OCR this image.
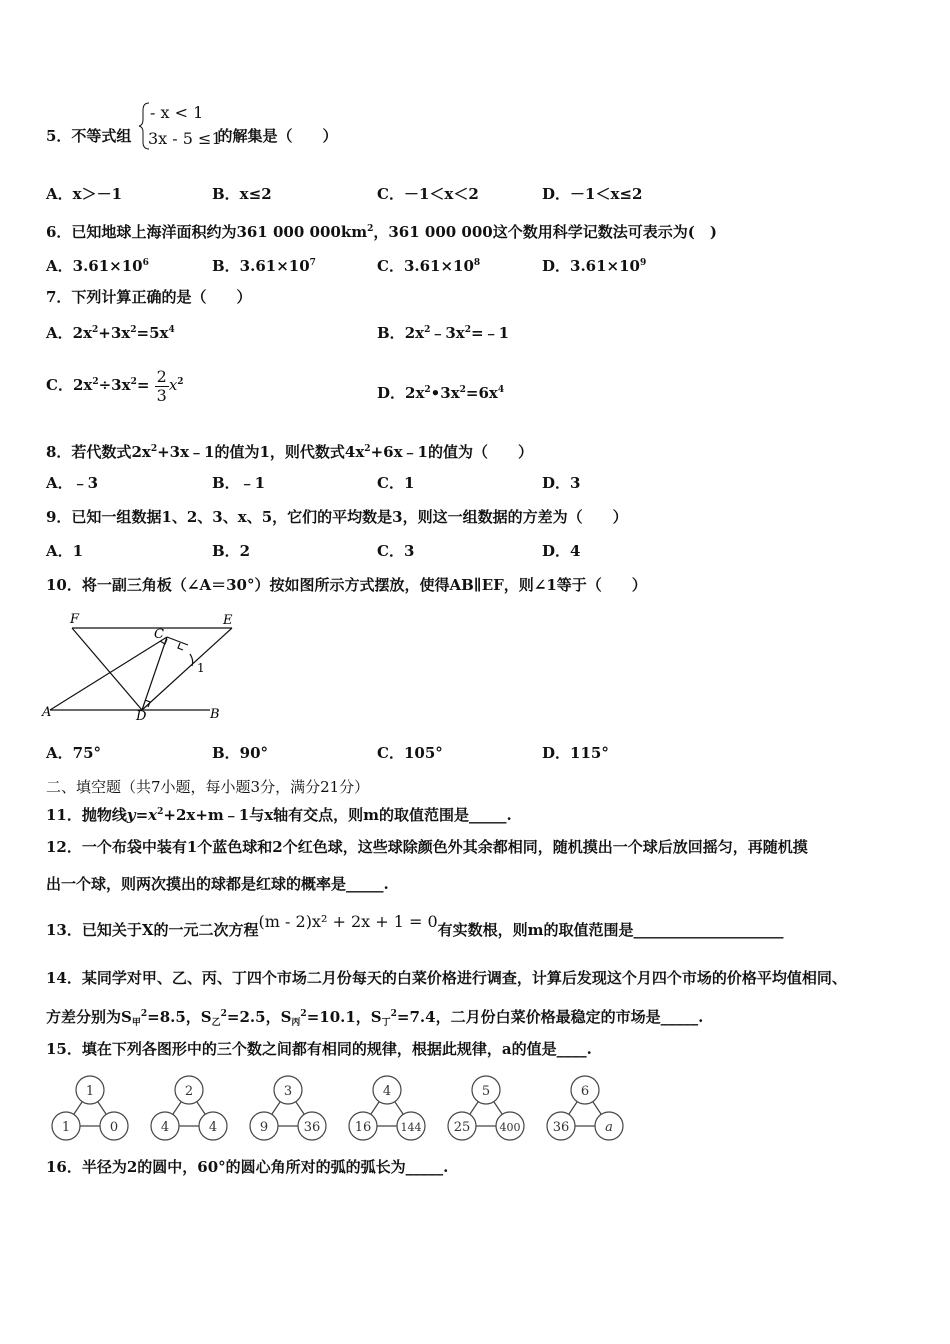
5．不等式组	的解集是（　　）
- x < 1
3x - 5 ≤1
A．x＞－1	B．x≤2	C．－1＜x＜2	D．－1＜x≤2
6．已知地球上海洋面积约为361 000 $000km^2$，361 000 000这个数用科学记数法可表示为(　)
A．$3.61\times 10^6$	B．$3.61\times 10^7$	C．$3.61\times 10^8$	D．$3.61\times 10^9$
7．下列计算正确的是（　　）
A．$2x^2+3x^2=5x^4$	B．$2x^2﹣3x^2=﹣1$
C．$2x^2\div 3x^2= \frac{2}{3} x^2$
D．$2x^2•3x^2=6x^4$
8．若代数式$2x^2+3x﹣1$的值为1，则代数式$4x^2+6x﹣1$的值为（　　）
A．﹣3	B．﹣1	C．1	D．3
9．已知一组数据1、2、3、x、5，它们的平均数是3，则这一组数据的方差为（　　）
A．1	B．2	C．3	D．4
10．将一副三角板（∠A＝30°）按如图所示方式摆放，使得AB∥EF，则∠1等于（　　）
F	E
C
A	D	B
1
A．75°	B．90°	C．105°	D．115°
二、填空题（共7小题，每小题3分，满分21分）
11．抛物线$y=x^2+2x+m﹣1$与x轴有交点，则m的取值范围是_____.
12．一个布袋中装有1个蓝色球和2个红色球，这些球除颜色外其余都相同，随机摸出一个球后放回摇匀，再随机摸
出一个球，则两次摸出的球都是红球的概率是_____.
13．已知关于X的一元二次方程(m - 2)x² + 2x + 1 = 0有实数根，则m的取值范围是____________________
14．某同学对甲、乙、丙、丁四个市场二月份每天的白菜价格进行调查，计算后发现这个月四个市场的价格平均值相同、
方差分别为$S_甲^2=8.5$，$S_乙^2=2.5$，$S_丙^2=10.1$，$S_丁^2=7.4$，二月份白菜价格最稳定的市场是_____.
15．填在下列各图形中的三个数之间都有相同的规律，根据此规律，a的值是____.
1
1	0
2
4	4
3
9	36
4
16	144
5
25	400
6
36	a
16．半径为2的圆中，60°的圆心角所对的弧的弧长为_____.
